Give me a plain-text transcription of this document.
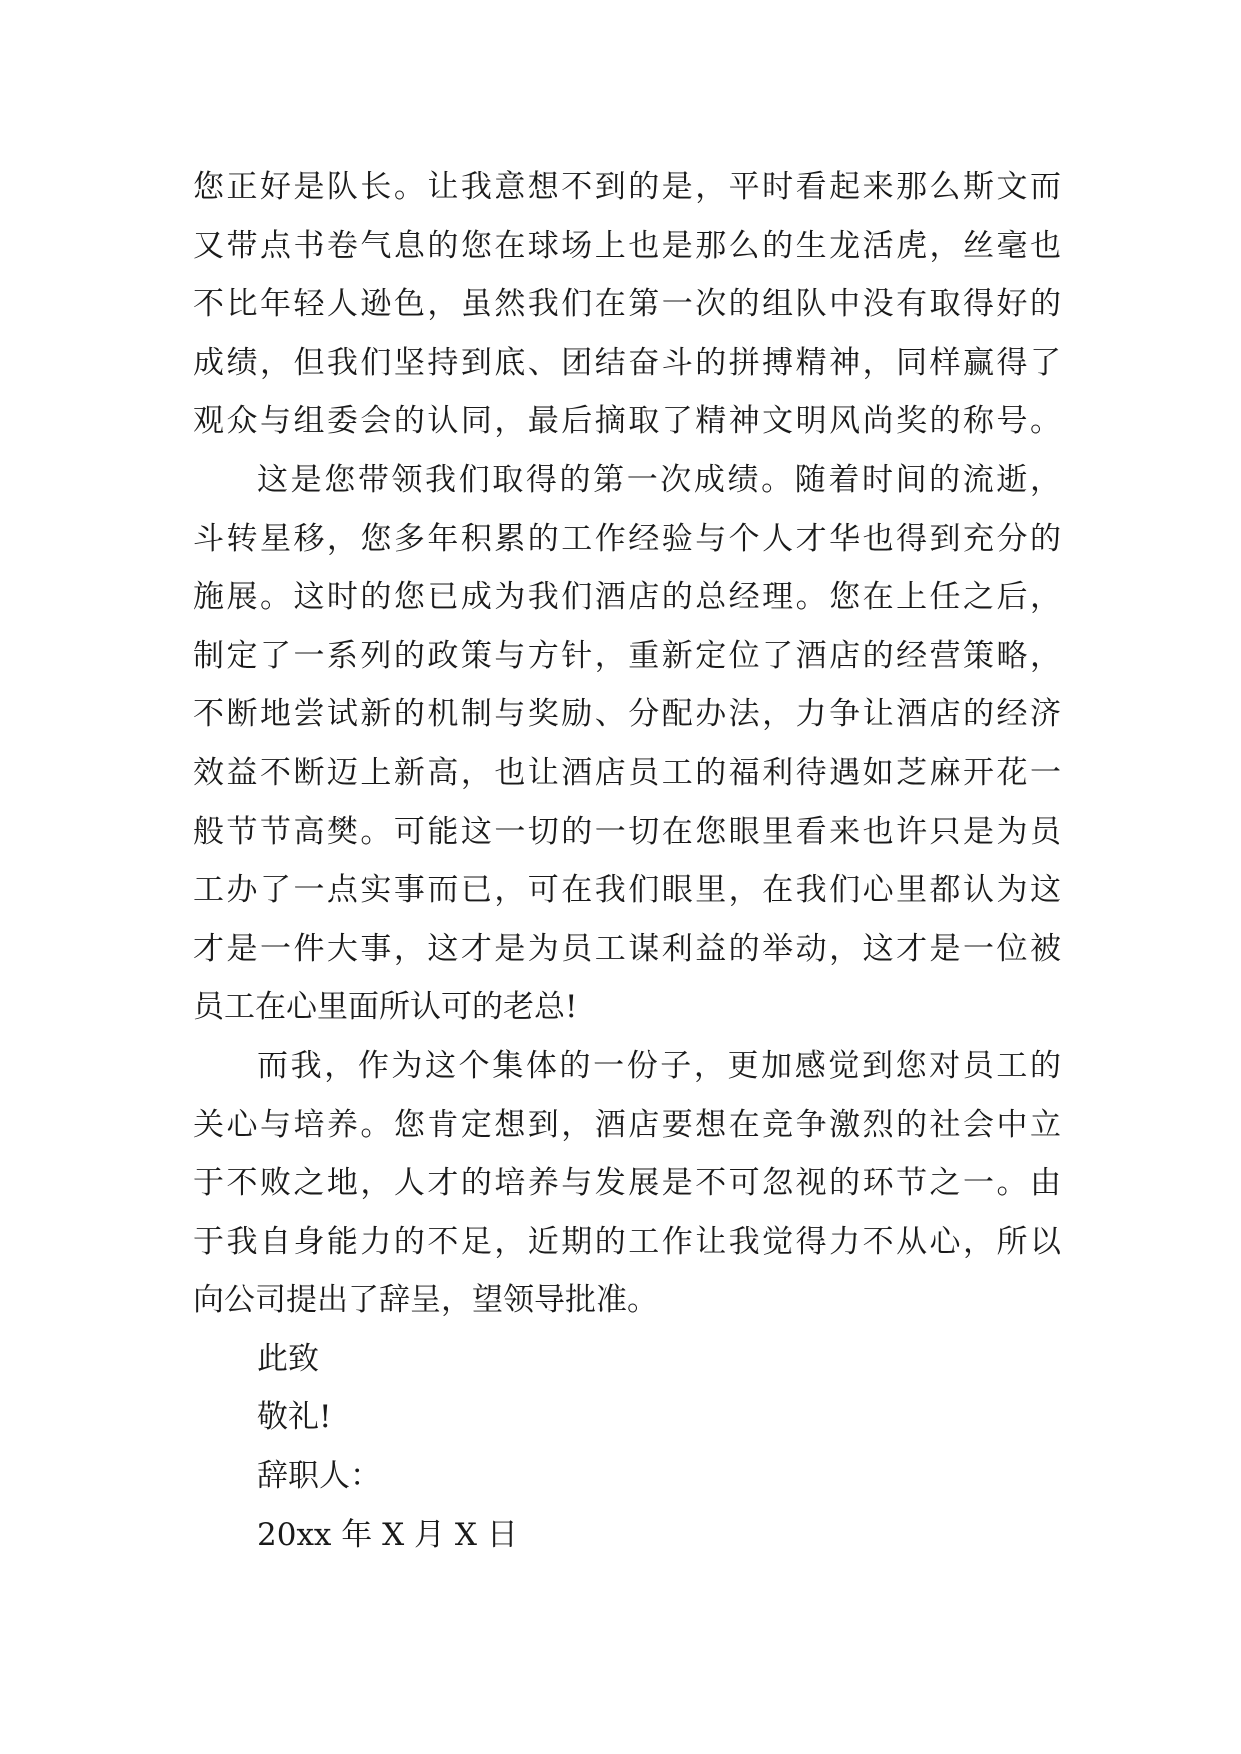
您正好是队长。让我意想不到的是，平时看起来那么斯文而
又带点书卷气息的您在球场上也是那么的生龙活虎，丝毫也
不比年轻人逊色，虽然我们在第一次的组队中没有取得好的
成绩，但我们坚持到底、团结奋斗的拼搏精神，同样赢得了
观众与组委会的认同，最后摘取了精神文明风尚奖的称号。
这是您带领我们取得的第一次成绩。随着时间的流逝，
斗转星移，您多年积累的工作经验与个人才华也得到充分的
施展。这时的您已成为我们酒店的总经理。您在上任之后，
制定了一系列的政策与方针，重新定位了酒店的经营策略，
不断地尝试新的机制与奖励、分配办法，力争让酒店的经济
效益不断迈上新高，也让酒店员工的福利待遇如芝麻开花一
般节节高樊。可能这一切的一切在您眼里看来也许只是为员
工办了一点实事而已，可在我们眼里，在我们心里都认为这
才是一件大事，这才是为员工谋利益的举动，这才是一位被
员工在心里面所认可的老总!
而我，作为这个集体的一份子，更加感觉到您对员工的
关心与培养。您肯定想到，酒店要想在竞争激烈的社会中立
于不败之地，人才的培养与发展是不可忽视的环节之一。由
于我自身能力的不足，近期的工作让我觉得力不从心，所以
向公司提出了辞呈，望领导批准。
此致
敬礼!
辞职人：
20xx 年 X 月 X 日
